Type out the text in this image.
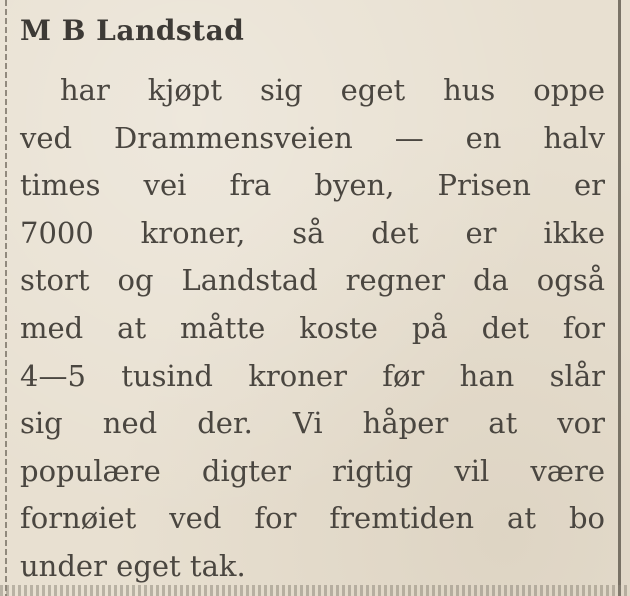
M B Landstad
har kjøpt sig eget hus oppe
ved Drammensveien — en halv
times vei fra byen, Prisen er
7000 kroner, så det er ikke
stort og Landstad regner da også
med at måtte koste på det for
4—5 tusind kroner før han slår
sig ned der. Vi håper at vor
populære digter rigtig vil være
fornøiet ved for fremtiden at bo
under eget tak.
